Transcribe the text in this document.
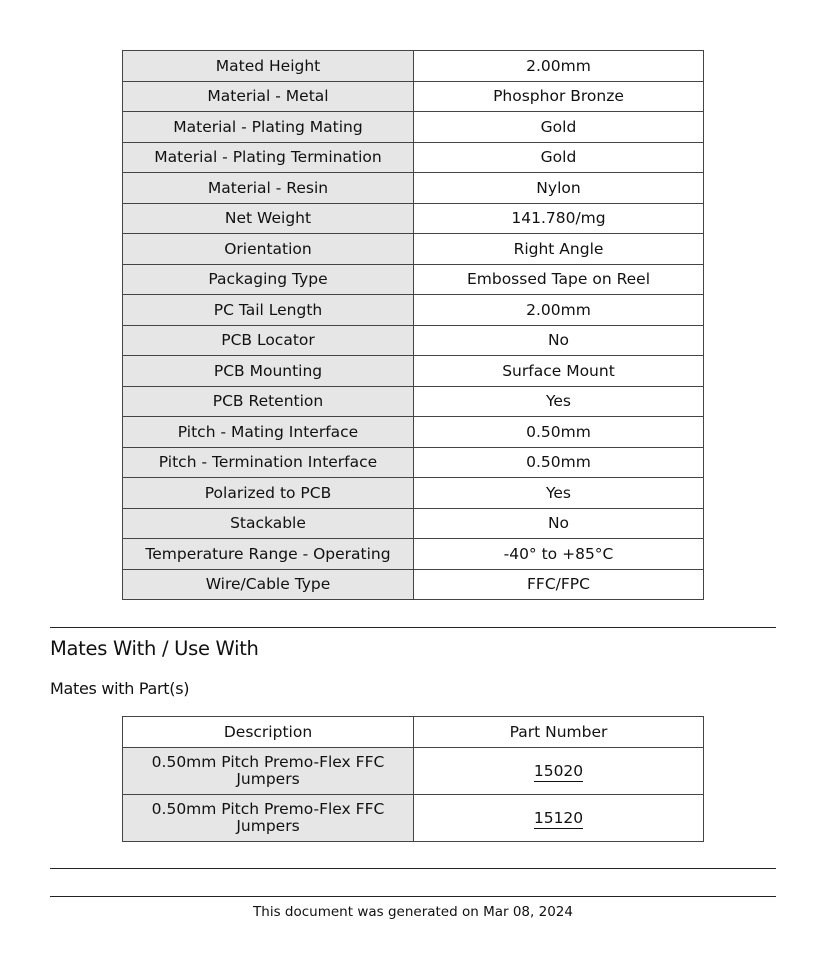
Mated Height	2.00mm
Material - Metal	Phosphor Bronze
Material - Plating Mating	Gold
Material - Plating Termination	Gold
Material - Resin	Nylon
Net Weight	141.780/mg
Orientation	Right Angle
Packaging Type	Embossed Tape on Reel
PC Tail Length	2.00mm
PCB Locator	No
PCB Mounting	Surface Mount
PCB Retention	Yes
Pitch - Mating Interface	0.50mm
Pitch - Termination Interface	0.50mm
Polarized to PCB	Yes
Stackable	No
Temperature Range - Operating	-40° to +85°C
Wire/Cable Type	FFC/FPC
Mates With / Use With
Mates with Part(s)
Description	Part Number
0.50mm Pitch Premo-Flex FFC Jumpers	15020
0.50mm Pitch Premo-Flex FFC Jumpers	15120
This document was generated on Mar 08, 2024
